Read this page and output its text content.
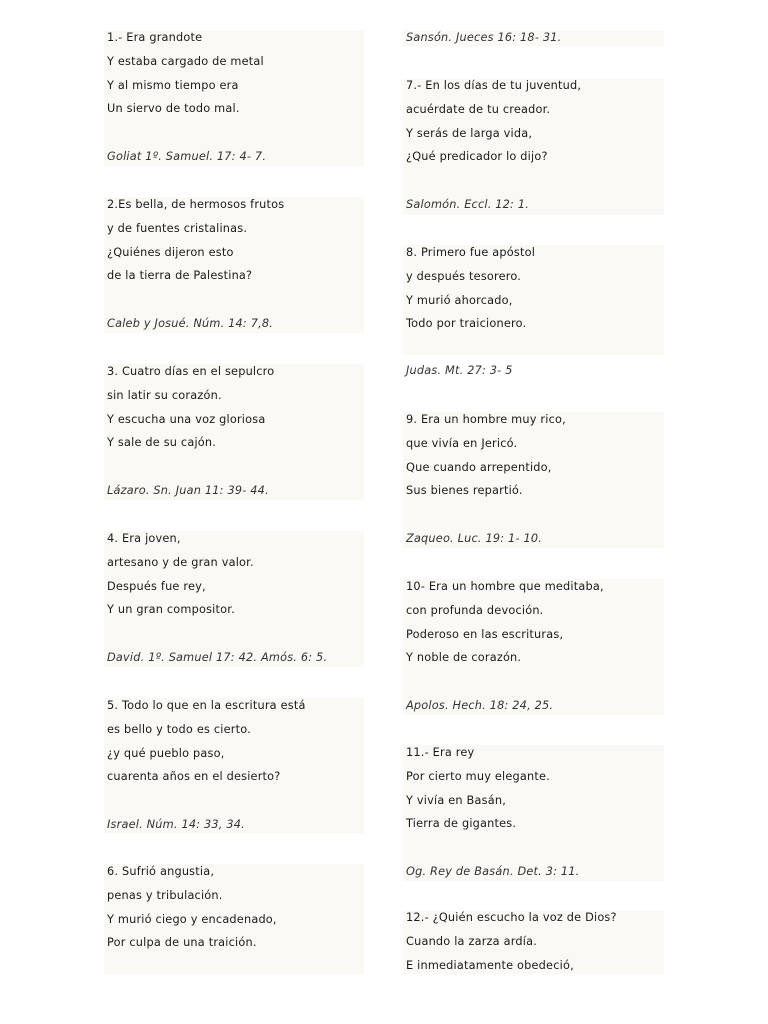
1.- Era grandote
Y estaba cargado de metal
Y al mismo tiempo era
Un siervo de todo mal.
Goliat 1º. Samuel. 17: 4- 7.
2.Es bella, de hermosos frutos
y de fuentes cristalinas.
¿Quiénes dijeron esto
de la tierra de Palestina?
Caleb y Josué. Núm. 14: 7,8.
3. Cuatro días en el sepulcro
sin latir su corazón.
Y escucha una voz gloriosa
Y sale de su cajón.
Lázaro. Sn. Juan 11: 39- 44.
4. Era joven,
artesano y de gran valor.
Después fue rey,
Y un gran compositor.
David. 1º. Samuel 17: 42. Amós. 6: 5.
5. Todo lo que en la escritura está
es bello y todo es cierto.
¿y qué pueblo paso,
cuarenta años en el desierto?
Israel. Núm. 14: 33, 34.
6. Sufrió angustia,
penas y tribulación.
Y murió ciego y encadenado,
Por culpa de una traición.
Sansón. Jueces 16: 18- 31.
7.- En los días de tu juventud,
acuérdate de tu creador.
Y serás de larga vida,
¿Qué predicador lo dijo?
Salomón. Eccl. 12: 1.
8. Primero fue apóstol
y después tesorero.
Y murió ahorcado,
Todo por traicionero.
Judas. Mt. 27: 3- 5
9. Era un hombre muy rico,
que vivía en Jericó.
Que cuando arrepentido,
Sus bienes repartió.
Zaqueo. Luc. 19: 1- 10.
10- Era un hombre que meditaba,
con profunda devoción.
Poderoso en las escrituras,
Y noble de corazón.
Apolos. Hech. 18: 24, 25.
11.- Era rey
Por cierto muy elegante.
Y vivía en Basán,
Tierra de gigantes.
Og. Rey de Basán. Det. 3: 11.
12.- ¿Quién escucho la voz de Dios?
Cuando la zarza ardía.
E inmediatamente obedeció,
